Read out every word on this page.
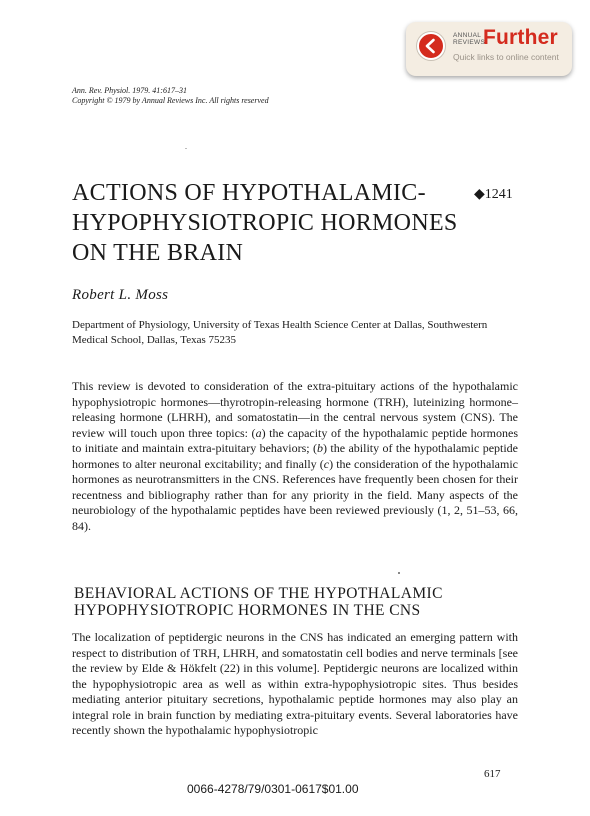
ANNUAL REVIEWS
Further
Quick links to online content
Ann. Rev. Physiol. 1979. 41:617–31
Copyright © 1979 by Annual Reviews Inc. All rights reserved
ACTIONS OF HYPOTHALAMIC-
HYPOPHYSIOTROPIC HORMONES
ON THE BRAIN
◆1241
Robert L. Moss
Department of Physiology, University of Texas Health Science Center at Dallas, Southwestern Medical School, Dallas, Texas 75235

This review is devoted to consideration of the extra-pituitary actions of the hypothalamic hypophysiotropic hormones—thyrotropin-releasing hormone (TRH), luteinizing hormone–releasing hormone (LHRH), and somatostatin—in the central nervous system (CNS). The review will touch upon three topics: (a) the capacity of the hypothalamic peptide hormones to initiate and maintain extra-pituitary behaviors; (b) the ability of the hypothalamic peptide hormones to alter neuronal excitability; and finally (c) the consideration of the hypothalamic hormones as neurotransmitters in the CNS. References have frequently been chosen for their recentness and bibliography rather than for any priority in the field. Many aspects of the neurobiology of the hypothalamic peptides have been reviewed previously (1, 2, 51–53, 66, 84).

BEHAVIORAL ACTIONS OF THE HYPOTHALAMIC HYPOPHYSIOTROPIC HORMONES IN THE CNS

The localization of peptidergic neurons in the CNS has indicated an emerging pattern with respect to distribution of TRH, LHRH, and somatostatin cell bodies and nerve terminals [see the review by Elde & Hökfelt (22) in this volume]. Peptidergic neurons are localized within the hypophysiotropic area as well as within extra-hypophysiotropic sites. Thus besides mediating anterior pituitary secretions, hypothalamic peptide hormones may also play an integral role in brain function by mediating extra-pituitary events. Several laboratories have recently shown the hypothalamic hypophysiotropic

617
0066-4278/79/0301-0617$01.00
